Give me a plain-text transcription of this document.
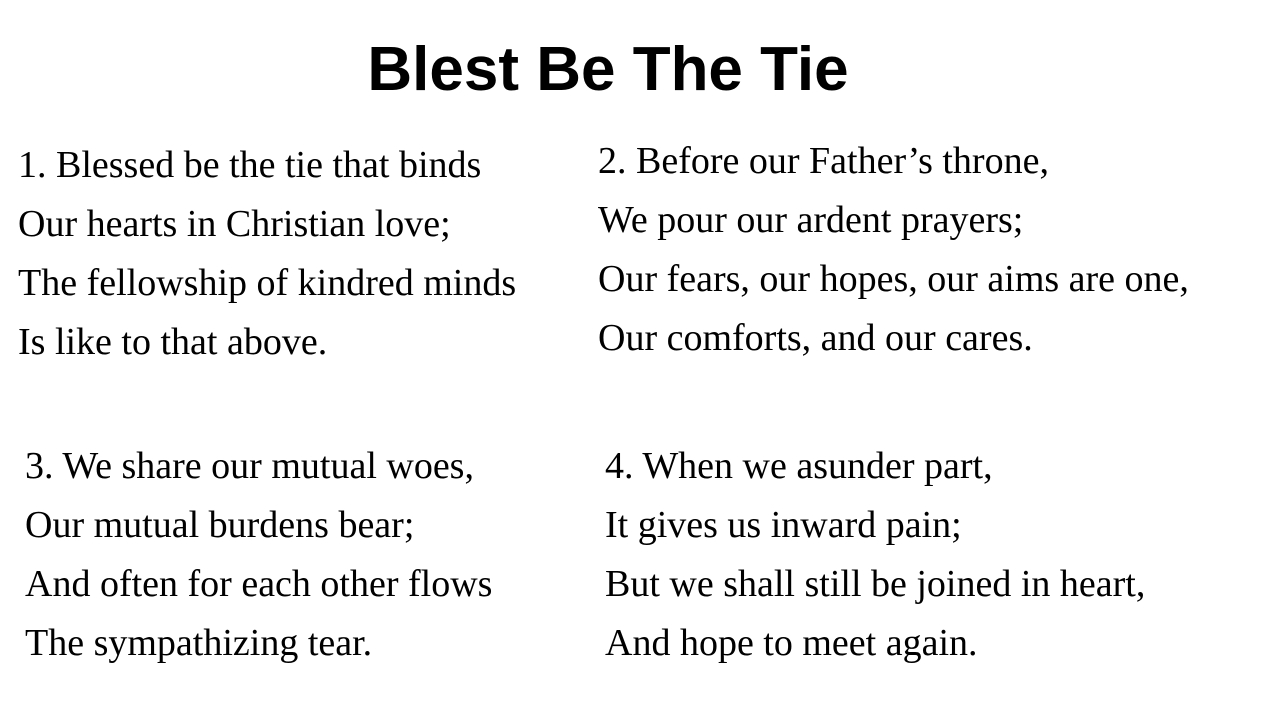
Blest Be The Tie
1. Blessed be the tie that binds
Our hearts in Christian love;
The fellowship of kindred minds
Is like to that above.
2. Before our Father’s throne,
We pour our ardent prayers;
Our fears, our hopes, our aims are one,
Our comforts, and our cares.
3. We share our mutual woes,
Our mutual burdens bear;
And often for each other flows
The sympathizing tear.
4. When we asunder part,
It gives us inward pain;
But we shall still be joined in heart,
And hope to meet again.
